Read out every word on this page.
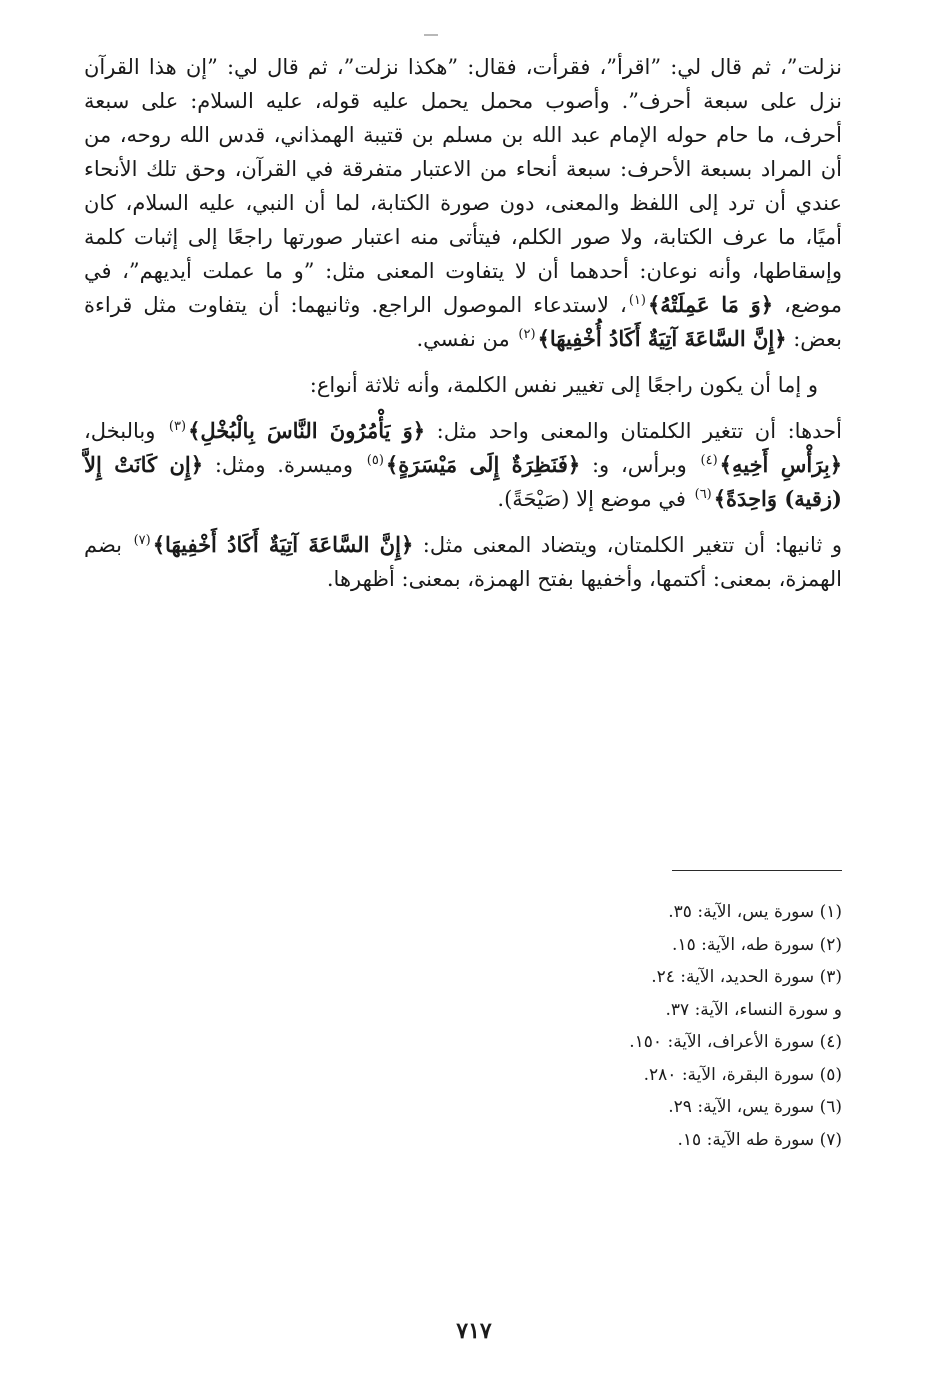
نزلت”، ثم قال لي: ”اقرأ”، فقرأت، فقال: ”هكذا نزلت”، ثم قال لي: ”إن هذا القرآن نزل على سبعة أحرف”. وأصوب محمل يحمل عليه قوله، عليه السلام: على سبعة أحرف، ما حام حوله الإمام عبد الله بن مسلم بن قتيبة الهمذاني، قدس الله روحه، من أن المراد بسبعة الأحرف: سبعة أنحاء من الاعتبار متفرقة في القرآن، وحق تلك الأنحاء عندي أن ترد إلى اللفظ والمعنى، دون صورة الكتابة، لما أن النبي، عليه السلام، كان أميًا، ما عرف الكتابة، ولا صور الكلم، فيتأتى منه اعتبار صورتها راجعًا إلى إثبات كلمة وإسقاطها، وأنه نوعان: أحدهما أن لا يتفاوت المعنى مثل: ”و ما عملت أيديهم”، في موضع، ﴿وَ مَا عَمِلَتْهُ﴾$^{(١)}$، لاستدعاء الموصول الراجع. وثانيهما: أن يتفاوت مثل قراءة بعض: ﴿إِنَّ السَّاعَةَ آتِيَةٌ أَكَادُ أُخْفِيهَا﴾$^{(٢)}$ من نفسي.

و إما أن يكون راجعًا إلى تغيير نفس الكلمة، وأنه ثلاثة أنواع:

أحدها: أن تتغير الكلمتان والمعنى واحد مثل: ﴿وَ يَأْمُرُونَ النَّاسَ بِالْبُخْلِ﴾$^{(٣)}$ وبالبخل، ﴿بِرَأْسِ أَخِيهِ﴾$^{(٤)}$ وبرأس، و: ﴿فَنَظِرَةٌ إِلَى مَيْسَرَةٍ﴾$^{(٥)}$ وميسرة. ومثل: ﴿إِن كَانَتْ إِلاَّ (زقية) وَاحِدَةً﴾$^{(٦)}$ في موضع إلا (صَيْحَةً).

و ثانيها: أن تتغير الكلمتان، ويتضاد المعنى مثل: ﴿إِنَّ السَّاعَةَ آتِيَةٌ أَكَادُ أَخْفِيهَا﴾$^{(٧)}$ بضم الهمزة، بمعنى: أكتمها، وأخفيها بفتح الهمزة، بمعنى: أظهرها.

(١) سورة يس، الآية: ٣٥.
(٢) سورة طه، الآية: ١٥.
(٣) سورة الحديد، الآية: ٢٤.
و سورة النساء، الآية: ٣٧.
(٤) سورة الأعراف، الآية: ١٥٠.
(٥) سورة البقرة، الآية: ٢٨٠.
(٦) سورة يس، الآية: ٢٩.
(٧) سورة طه الآية: ١٥.
٧١٧
